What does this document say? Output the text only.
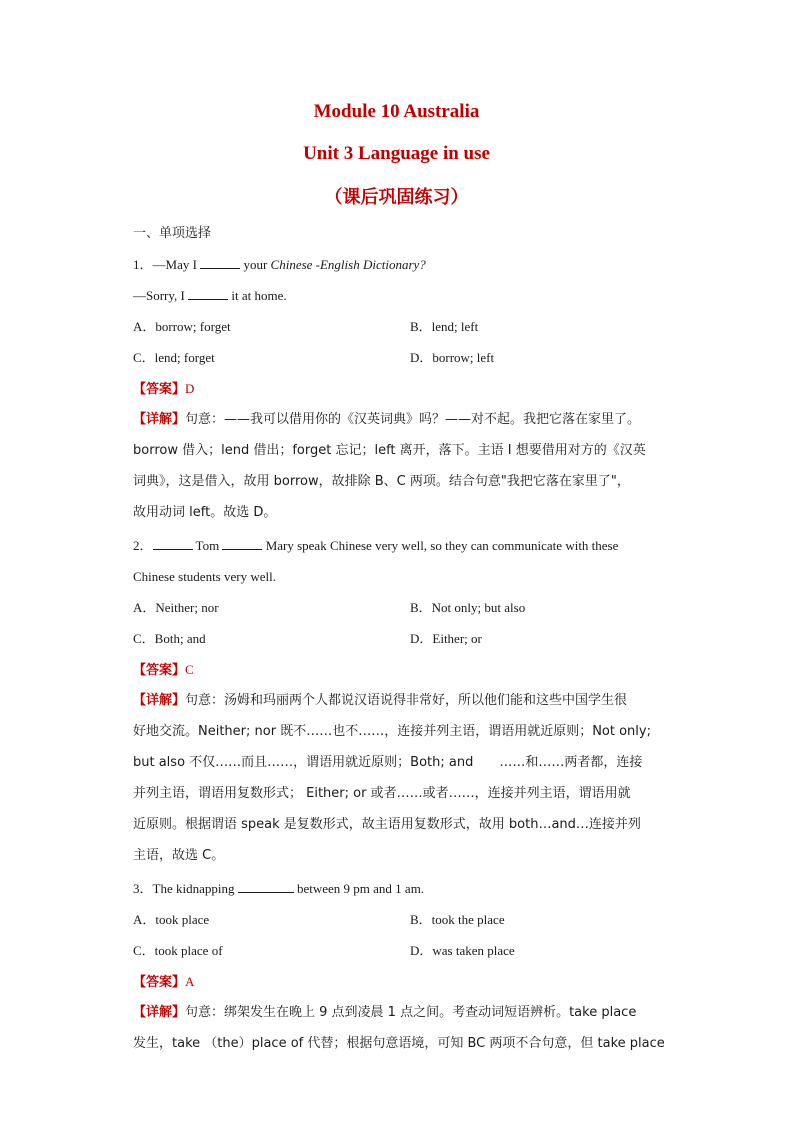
Module 10 Australia
Unit 3 Language in use
（课后巩固练习）
一、单项选择
1．—May I	your Chinese -English Dictionary?
—Sorry, I	it at home.
A．borrow; forget	B．lend; left
C．lend; forget	D．borrow; left
【答案】D
【详解】句意：——我可以借用你的《汉英词典》吗？——对不起。我把它落在家里了。
borrow 借入；lend 借出；forget 忘记；left 离开，落下。主语 I 想要借用对方的《汉英
词典》，这是借入，故用 borrow，故排除 B、C 两项。结合句意"我把它落在家里了"，
故用动词 left。故选 D。
2．	Tom	Mary speak Chinese very well, so they can communicate with these
Chinese students very well.
A．Neither; nor	B．Not only; but also
C．Both; and	D．Either; or
【答案】C
【详解】句意：汤姆和玛丽两个人都说汉语说得非常好，所以他们能和这些中国学生很
好地交流。Neither; nor 既不……也不……，连接并列主语，谓语用就近原则；Not only;
but also 不仅……而且……，谓语用就近原则；Both; and　　……和……两者都，连接
并列主语，谓语用复数形式； Either; or 或者……或者……，连接并列主语，谓语用就
近原则。根据谓语 speak 是复数形式，故主语用复数形式，故用 both…and…连接并列
主语，故选 C。
3．The kidnapping	between 9 pm and 1 am.
A．took place	B．took the place
C．took place of	D．was taken place
【答案】A
【详解】句意：绑架发生在晚上 9 点到凌晨 1 点之间。考查动词短语辨析。take place
发生，take （the）place of 代替；根据句意语境，可知 BC 两项不合句意，但 take place
